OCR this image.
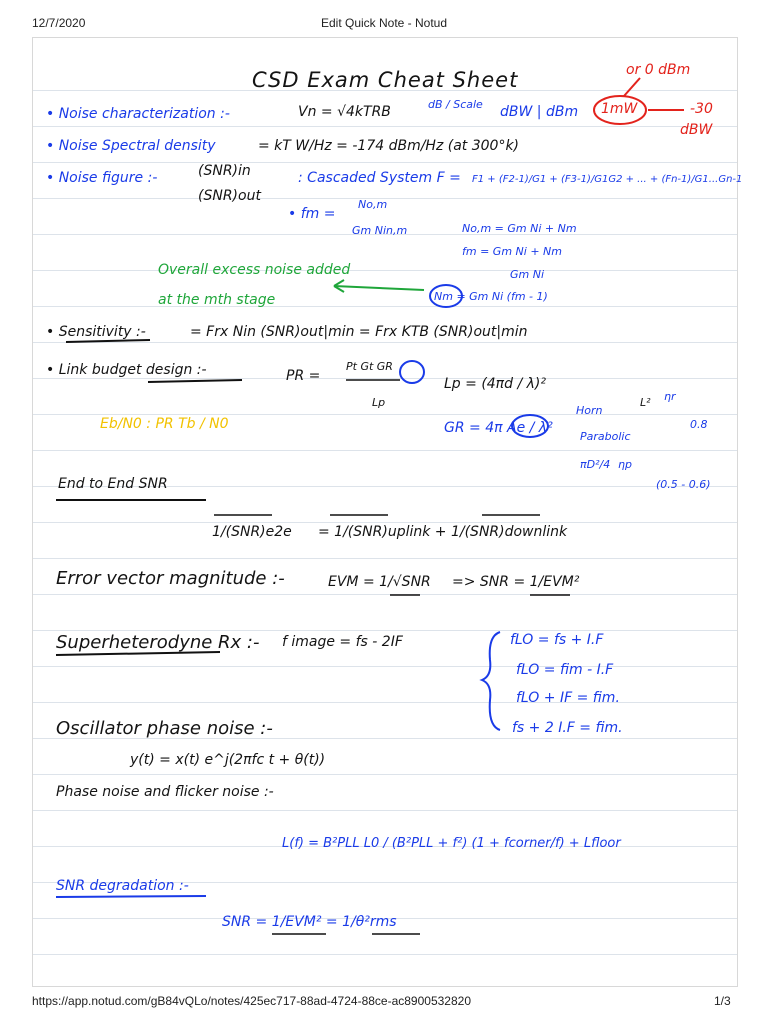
12/7/2020	Edit Quick Note - Notud
CSD Exam Cheat Sheet	or 0 dBm
1mW	-30
dBW
• Noise characterization :-	Vn = √4kTRB	dB / Scale dBW | dBm
• Noise Spectral density	= kT W/Hz = -174 dBm/Hz (at 300°k)
• Noise figure :-	(SNR)in
(SNR)out
: Cascaded System F = F1 + (F2-1)/G1 + (F3-1)/G1G2 + ... + (Fn-1)/G1...Gn-1
• fm =
No,m
Gm Nin,m	No,m = Gm Ni + Nm
fm = Gm Ni + Nm
Gm Ni
Nm = Gm Ni (fm - 1)
Overall excess noise added
at the mth stage
• Sensitivity :-	= Frx Nin (SNR)out|min = Frx KTB (SNR)out|min
• Link budget design :-	PR =
Pt Gt GR
Lp
Lp = (4πd / λ)²
GR = 4π Ae / λ²
Eb/N0 : PR Tb / N0
Horn
L² ηr
0.8
Parabolic
πD²/4 ηp
(0.5 - 0.6)
End to End SNR
1/(SNR)e2e = 1/(SNR)uplink + 1/(SNR)downlink
Error vector magnitude :-	EVM = 1/√SNR => SNR = 1/EVM²
Superheterodyne Rx :- f image = fs - 2IF	fLO = fs + I.F
fLO = fim - I.F
fLO + IF = fim.
fs + 2 I.F = fim.
Oscillator phase noise :-
y(t) = x(t) e^j(2πfc t + θ(t))
Phase noise and flicker noise :-
L(f) = B²PLL L0 / (B²PLL + f²) (1 + fcorner/f) + Lfloor
SNR degradation :-
SNR = 1/EVM² = 1/θ²rms
https://app.notud.com/gB84vQLo/notes/425ec717-88ad-4724-88ce-ac8900532820	1/3
